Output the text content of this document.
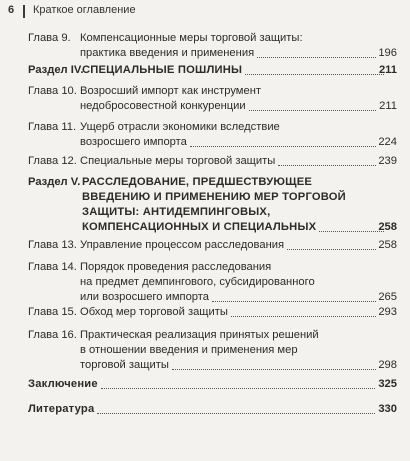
6 Краткое оглавление
Глава 9. Компенсационные меры торговой защиты:
практика введения и применения	196
Раздел IV.
СПЕЦИАЛЬНЫЕ ПОШЛИНЫ	211
Глава 10. Возросший импорт как инструмент
недобросовестной конкуренции	211
Глава 11. Ущерб отрасли экономики вследствие
возросшего импорта	224
Глава 12. Специальные меры торговой защиты	239
Раздел V. РАССЛЕДОВАНИЕ, ПРЕДШЕСТВУЮЩЕЕ
ВВЕДЕНИЮ И ПРИМЕНЕНИЮ МЕР ТОРГОВОЙ
ЗАЩИТЫ: АНТИДЕМПИНГОВЫХ,
КОМПЕНСАЦИОННЫХ И СПЕЦИАЛЬНЫХ	258
Глава 13. Управление процессом расследования	258
Глава 14. Порядок проведения расследования
на предмет демпингового, субсидированного
или возросшего импорта	265
Глава 15. Обход мер торговой защиты	293
Глава 16. Практическая реализация принятых решений
в отношении введения и применения мер
торговой защиты	298
Заключение	325
Литература	330
